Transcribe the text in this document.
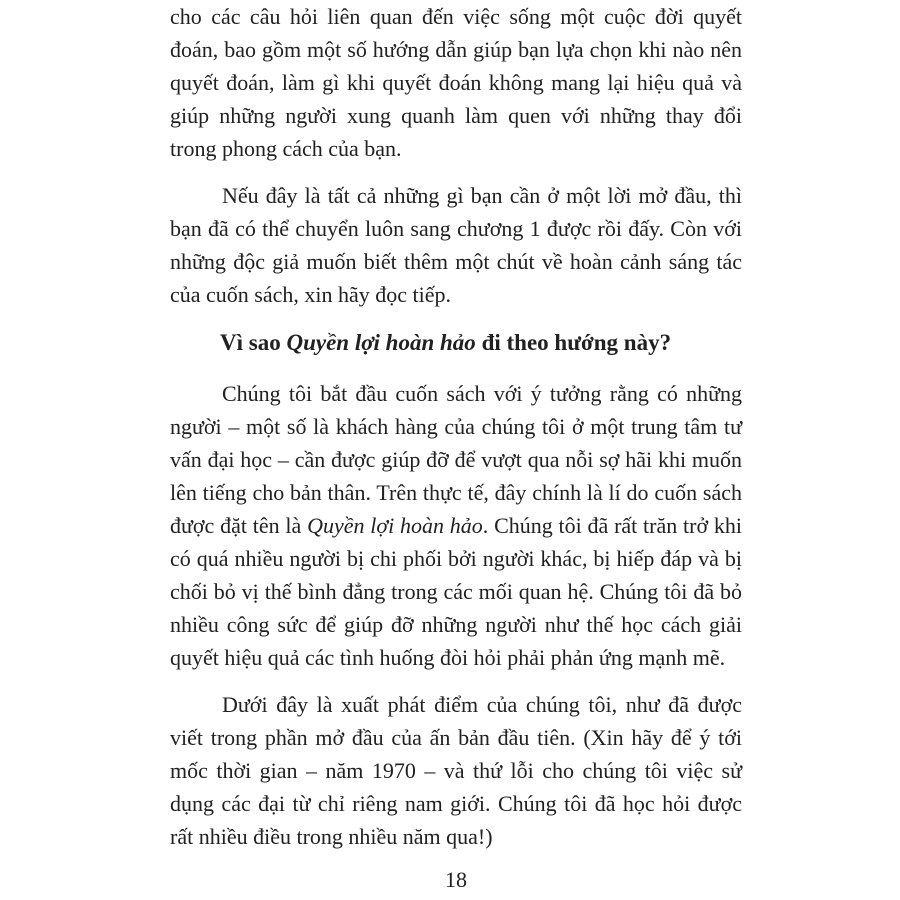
cho các câu hỏi liên quan đến việc sống một cuộc đời quyết đoán, bao gồm một số hướng dẫn giúp bạn lựa chọn khi nào nên quyết đoán, làm gì khi quyết đoán không mang lại hiệu quả và giúp những người xung quanh làm quen với những thay đổi trong phong cách của bạn.

Nếu đây là tất cả những gì bạn cần ở một lời mở đầu, thì bạn đã có thể chuyển luôn sang chương 1 được rồi đấy. Còn với những độc giả muốn biết thêm một chút về hoàn cảnh sáng tác của cuốn sách, xin hãy đọc tiếp.

Vì sao Quyền lợi hoàn hảo đi theo hướng này?

Chúng tôi bắt đầu cuốn sách với ý tưởng rằng có những người – một số là khách hàng của chúng tôi ở một trung tâm tư vấn đại học – cần được giúp đỡ để vượt qua nỗi sợ hãi khi muốn lên tiếng cho bản thân. Trên thực tế, đây chính là lí do cuốn sách được đặt tên là Quyền lợi hoàn hảo. Chúng tôi đã rất trăn trở khi có quá nhiều người bị chi phối bởi người khác, bị hiếp đáp và bị chối bỏ vị thế bình đẳng trong các mối quan hệ. Chúng tôi đã bỏ nhiều công sức để giúp đỡ những người như thế học cách giải quyết hiệu quả các tình huống đòi hỏi phải phản ứng mạnh mẽ.

Dưới đây là xuất phát điểm của chúng tôi, như đã được viết trong phần mở đầu của ấn bản đầu tiên. (Xin hãy để ý tới mốc thời gian – năm 1970 – và thứ lỗi cho chúng tôi việc sử dụng các đại từ chỉ riêng nam giới. Chúng tôi đã học hỏi được rất nhiều điều trong nhiều năm qua!)

18
